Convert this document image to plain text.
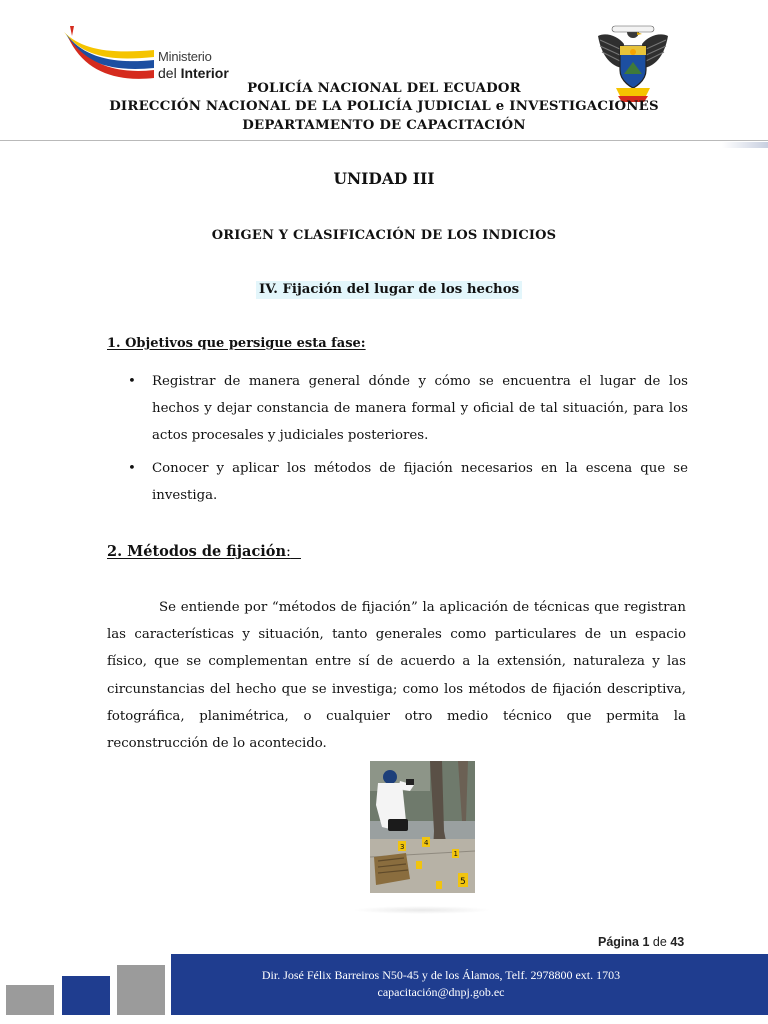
Ministerio
del Interior
POLICÍA NACIONAL DEL ECUADOR
DIRECCIÓN NACIONAL DE LA POLICÍA JUDICIAL e INVESTIGACIONES
DEPARTAMENTO DE CAPACITACIÓN
UNIDAD III
ORIGEN Y CLASIFICACIÓN DE LOS INDICIOS
IV. Fijación del lugar de los hechos
1. Objetivos que persigue esta fase:
• Registrar de manera general dónde y cómo se encuentra el lugar de los hechos y dejar constancia de manera formal y oficial de tal situación, para los actos procesales y judiciales posteriores.
• Conocer y aplicar los métodos de fijación necesarios en la escena que se investiga.
2. Métodos de fijación:

Se entiende por “métodos de fijación” la aplicación de técnicas que registran las características y situación, tanto generales como particulares de un espacio físico, que se complementan entre sí de acuerdo a la extensión, naturaleza y las circunstancias del hecho que se investiga; como los métodos de fijación descriptiva, fotográfica, planimétrica, o cualquier otro medio técnico que permita la reconstrucción de lo acontecido.

3	4
1
5
Página 1 de 43
Dir. José Félix Barreiros N50-45 y de los Álamos, Telf. 2978800 ext. 1703
capacitación@dnpj.gob.ec
